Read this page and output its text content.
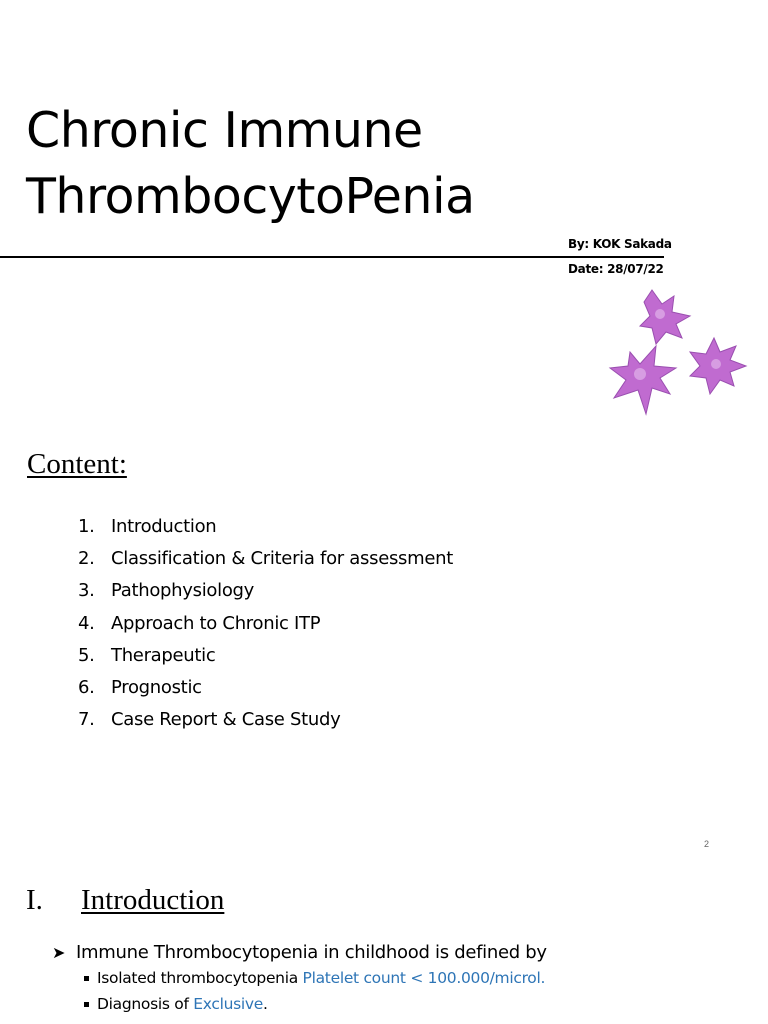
Chronic Immune
ThrombocytoPenia
By: KOK Sakada
Date: 28/07/22
Content:
1. Introduction
2. Classification & Criteria for assessment
3. Pathophysiology
4. Approach to Chronic ITP
5. Therapeutic
6. Prognostic
7. Case Report & Case Study
2
I.	Introduction
➤ Immune Thrombocytopenia in childhood is defined by
Isolated thrombocytopenia Platelet count < 100.000/microl.
Diagnosis of Exclusive .
